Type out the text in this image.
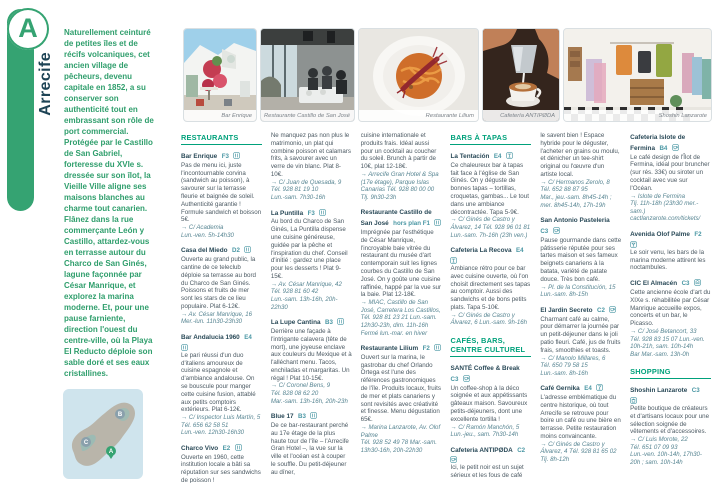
A
Arrecife
Naturellement ceinturé de petites îles et de récifs volcaniques, cet ancien village de pêcheurs, devenu capitale en 1852, a su conserver son authenticité tout en embrassant son rôle de port commercial. Protégée par le Castillo de San Gabriel, forteresse du XVIe s. dressée sur son îlot, la Vieille Ville aligne ses maisons blanches au charme tout canarien. Flânez dans la rue commerçante León y Castillo, attardez-vous en terrasse autour du Charco de San Ginés, lagune façonnée par César Manrique, et explorez la marina moderne. Et, pour une pause farniente, direction l'ouest du centre-ville, où la Playa El Reducto déploie son sable doré et ses eaux cristallines.
B
C
A
Bar Enrique	Restaurante Castillo de San José	Restaurante Lilium	Cafetería ANTIPØDA	Shoshin Lanzarote
RESTAURANTS
Bar Enrique F3
Pas de menu ici, juste l'incontournable corvina (sandwich au poisson), à savourer sur la terrasse fleurie et baignée de soleil. Authenticité garantie ! Formule sandwich et boisson 5€.
→ C/ Academia
Lun.-ven. 5h-14h30
Casa del Miedo D2
Ouverte au grand public, la cantine de ce teleclub déploie sa terrasse au bord du Charco de San Ginés. Poissons et fruits de mer sont les stars de ce lieu populaire. Plat 6-12€.
→ Av. César Manrique, 16
Mer.-lun. 11h30-23h30
Bar Andalucia 1960 E4
Le pari réussi d'un duo d'italiens amoureux de cuisine espagnole et d'ambiance andalouse. On se bouscule pour manger cette cuisine fusion, attablé aux petits comptoirs extérieurs. Plat 6-12€.
→ C/ Inspector Luis Martín, 5
Tél. 656 62 58 51
Lun.-ven. 12h30-16h30
Charco Vivo E2
Ouverte en 1960, cette institution locale a bâti sa réputation sur ses sandwichs de poisson !
Ne manquez pas non plus le matrimonio, un plat qui combine poisson et calamars frits, à savourer avec un verre de vin blanc. Plat 8-10€.
→ C/ Juan de Quesada, 9
Tél. 928 81 19 10
Lun.-sam. 7h30-16h
La Puntilla F3
Au bord du Charco de San Ginés, La Puntilla dispense une cuisine généreuse, guidée par la pêche et l'inspiration du chef. Conseil d'initié : gardez une place pour les desserts ! Plat 9-15€.
→ Av. César Manrique, 42
Tél. 928 81 60 42
Lun.-sam. 13h-16h, 20h-22h30
La Lupe Cantina B3
Derrière une façade à l'intrigante calavera (tête de mort), une joyeuse enclave aux couleurs du Mexique et à l'alléchant menu. Tacos, enchiladas et margaritas. Un régal ! Plat 10-15€.
→ C/ Coronel Bens, 9
Tél. 828 08 62 20
Mar.-sam. 13h-16h, 20h-23h
Blue 17 B3
De ce bar-restaurant perché au 17e étage de la plus haute tour de l'île – l'Arrecife Gran Hotel –, la vue sur la ville et l'océan est à couper le souffle. Du petit-déjeuner au dîner,
cuisine internationale et produits frais. Idéal aussi pour un cocktail au coucher du soleil. Brunch à partir de 10€, plat 12-18€.
→ Arrecife Gran Hotel & Spa (17e étage), Parque Islas Canarias Tél. 928 80 00 00
Tlj. 9h30-23h
Restaurante Castillo de San José hors plan F1
Imprégnée par l'esthétique de César Manrique, l'incroyable baie vitrée du restaurant du musée d'art contemporain suit les lignes courbes du Castillo de San José. On y goûte une cuisine raffinée, happé par la vue sur la baie. Plat 12-18€.
→ MIAC, Castillo de San José, Carretera Los Castillos,
Tél. 928 81 23 21 Lun.-sam. 12h30-23h, dim. 11h-16h
Fermé lun.-mar. en hiver
Restaurante Lilium F2
Ouvert sur la marina, le gastrobar du chef Orlando Ortega est l'une des références gastronomiques de l'île. Produits locaux, fruits de mer et plats canariens y sont revisités avec créativité et finesse. Menu dégustation 65€.
→ Marina Lanzarote, Av. Olof Palme
Tél. 928 52 49 78 Mar.-sam. 13h30-16h, 20h-22h30
BARS À TAPAS
La Tentación E4
Ce chaleureux bar à tapas fait face à l'église de San Ginés. On y déguste de bonnes tapas – tortillas, croquetas, gambas... Le tout dans une ambiance décontractée. Tapa 5-9€.
→ C/ Ginés de Castro y Álvarez, 14 Tél. 928 96 01 81
Lun.-sam. 7h-16h (23h ven.)
Cafeteria La Recova E4
Ambiance rétro pour ce bar avec cuisine ouverte, où l'on choisit directement ses tapas au comptoir. Aussi des sandwichs et de bons petits plats. Tapa 5-10€.
→ C/ Ginés de Castro y Álvarez, 6 Lun.-sam. 9h-16h
CAFÉS, BARS, CENTRE CULTUREL
SANTÉ Coffee & Break C3
Un coffee-shop à la déco soignée et aux appétissants gâteaux maison. Savoureux petits-déjeuners, dont une excellente tortilla !
→ C/ Ramón Manchón, 5
Lun.-jeu., sam. 7h30-14h
Cafeteria ANTIPØDA C2
Ici, le petit noir est un sujet sérieux et les fous de café
le savent bien ! Espace hybride pour le déguster, l'acheter en grains ou moulu, et dénicher un tee-shirt original ou l'œuvre d'un artiste local.
→ C/ Hermanos Zerolo, 8
Tél. 652 88 87 95
Mar., jeu.-sam. 8h45-14h ; mer. 8h45-14h, 17h-19h
San Antonio Pasteleria C3
Pause gourmande dans cette pâtisserie réputée pour ses tartes maison et ses fameux beignets canariens à la batata, variété de patate douce. Très bon café.
→ Pl. de la Constitución, 15
Lun.-sam. 8h-15h
El Jardin Secreto C2
Charmant café au calme, pour démarrer la journée par un petit-déjeuner dans le joli patio fleuri. Café, jus de fruits frais, smoothies et toasts.
→ C/ Manolo Millares, 6
Tél. 650 79 58 15
Lun.-sam. 8h-16h
Café Gernika E4
L'adresse emblématique du centre historique, où tout Arrecife se retrouve pour boire un café ou une bière en terrasse. Petite restauration moins convaincante.
→ C/ Ginés de Castro y Álvarez, 4 Tél. 928 81 65 02
Tlj. 8h-12h
Cafeteria Islote de Fermina B4
Le café design de l'Îlot de Fermina, idéal pour bruncher (sur rés. 33€) ou siroter un cocktail avec vue sur l'Océan.
→ Islote de Fermina
Tlj. 11h-18h (23h30 mer.-sam.)
cactlanzarote.com/tickets/
Avenida Olof Palme F2
Le soir venu, les bars de la marina moderne attirent les noctambules.
CIC El Almacén C3
Cette ancienne école d'art du XIXe s. réhabilitée par César Manrique accueille expos, concerts et un bar, le Picasso.
→ C/ José Betancort, 33
Tél. 928 83 15 07 Lun.-ven. 10h-21h, sam. 10h-14h
Bar Mar.-sam. 13h-0h
SHOPPING
Shoshin Lanzarote C3
Petite boutique de créateurs et d'artisans locaux pour une sélection soignée de vêtements et d'accessoires.
→ C/ Luis Morote, 22
Tél. 651 07 09 93
Lun.-ven. 10h-14h, 17h30-20h ; sam. 10h-14h
